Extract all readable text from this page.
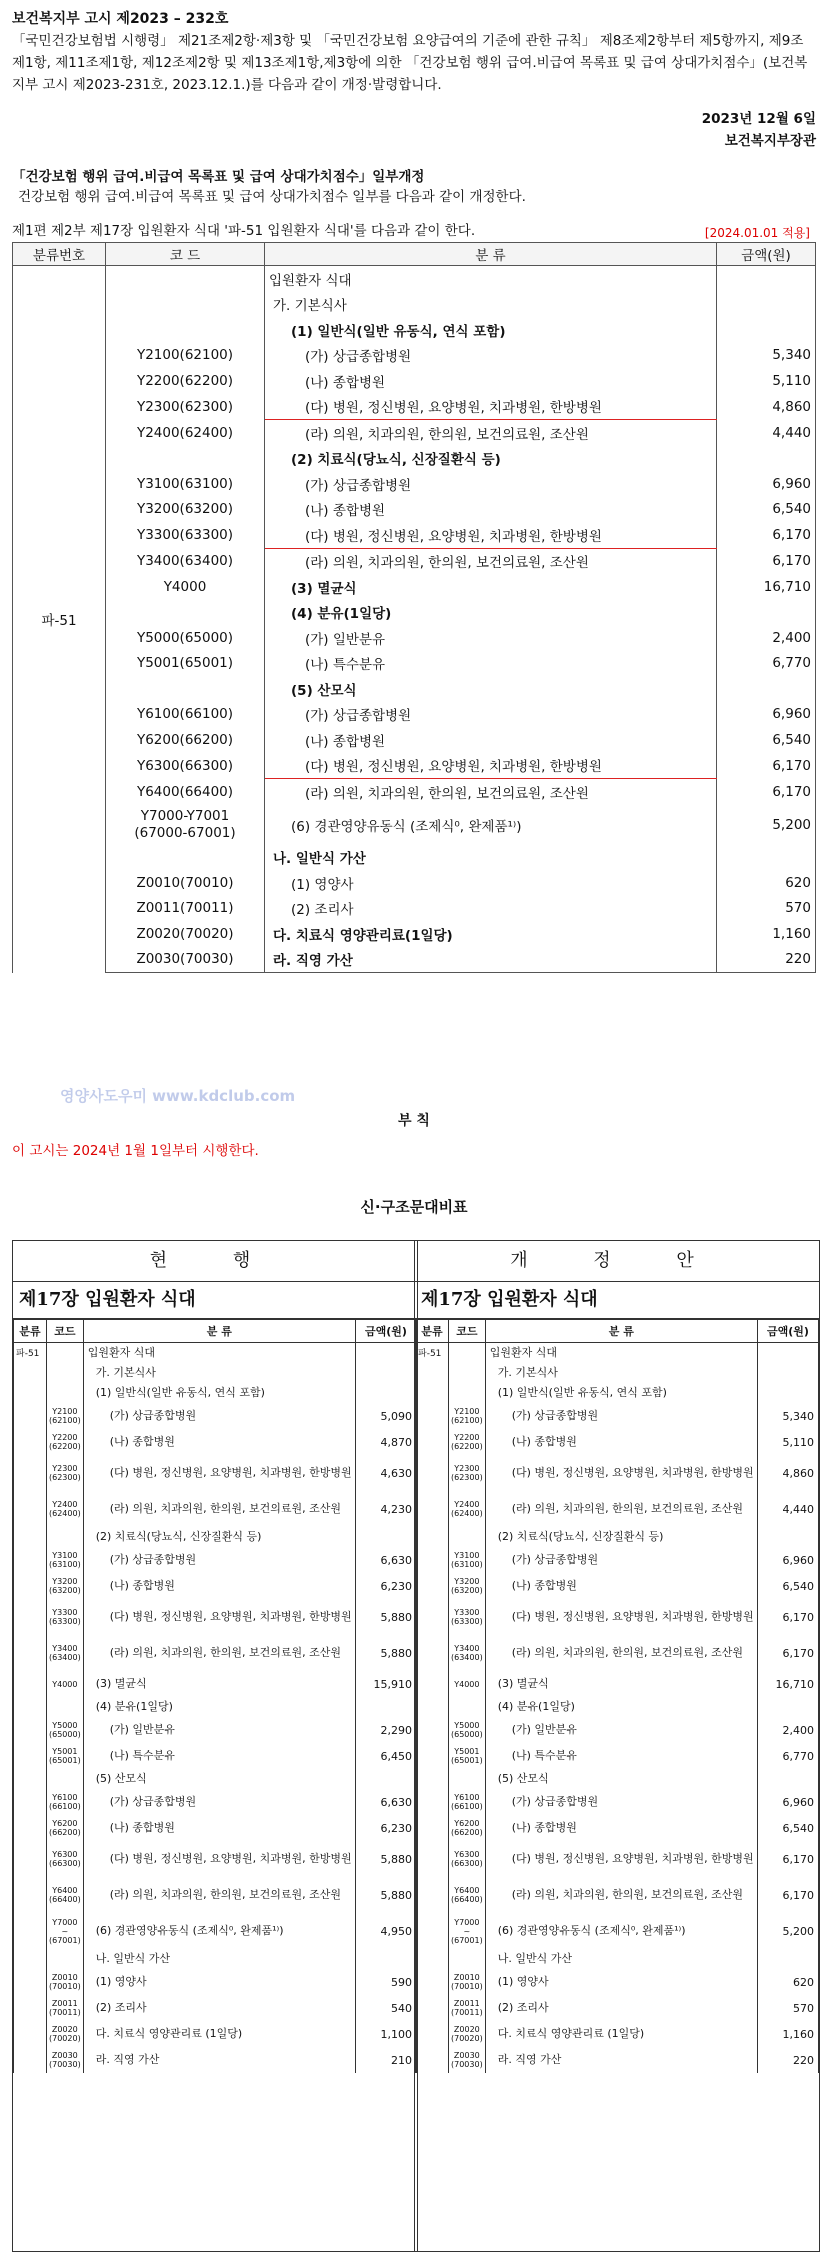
보건복지부 고시 제2023 – 232호
「국민건강보험법 시행령」 제21조제2항·제3항 및 「국민건강보험 요양급여의 기준에 관한 규칙」 제8조제2항부터 제5항까지, 제9조제1항, 제11조제1항, 제12조제2항 및 제13조제1항,제3항에 의한 「건강보험 행위 급여.비급여 목록표 및 급여 상대가치점수」(보건복지부 고시 제2023-231호, 2023.12.1.)를 다음과 같이 개정·발령합니다.
2023년 12월 6일
보건복지부장관
「건강보험 행위 급여.비급여 목록표 및 급여 상대가치점수」일부개정
건강보험 행위 급여.비급여 목록표 및 급여 상대가치점수 일부를 다음과 같이 개정한다.
제1편 제2부 제17장 입원환자 식대 '파-51 입원환자 식대'를 다음과 같이 한다.	[2024.01.01 적용]
분류번호	코 드	분 류	금액(원)
파-51		입원환자 식대	
		가. 기본식사	
		(1) 일반식(일반 유동식, 연식 포함)	
	Y2100(62100)	(가) 상급종합병원	5,340
	Y2200(62200)	(나) 종합병원	5,110
	Y2300(62300)	(다) 병원, 정신병원, 요양병원, 치과병원, 한방병원	4,860
	Y2400(62400)	(라) 의원, 치과의원, 한의원, 보건의료원, 조산원	4,440
		(2) 치료식(당뇨식, 신장질환식 등)	
	Y3100(63100)	(가) 상급종합병원	6,960
	Y3200(63200)	(나) 종합병원	6,540
	Y3300(63300)	(다) 병원, 정신병원, 요양병원, 치과병원, 한방병원	6,170
	Y3400(63400)	(라) 의원, 치과의원, 한의원, 보건의료원, 조산원	6,170
	Y4000	(3) 멸균식	16,710
		(4) 분유(1일당)	
	Y5000(65000)	(가) 일반분유	2,400
	Y5001(65001)	(나) 특수분유	6,770
		(5) 산모식	
	Y6100(66100)	(가) 상급종합병원	6,960
	Y6200(66200)	(나) 종합병원	6,540
	Y6300(66300)	(다) 병원, 정신병원, 요양병원, 치과병원, 한방병원	6,170
	Y6400(66400)	(라) 의원, 치과의원, 한의원, 보건의료원, 조산원	6,170
	Y7000-Y7001
(67000-67001)	(6) 경관영양유동식 (조제식⁰, 완제품¹⁾)	5,200
		나. 일반식 가산	
	Z0010(70010)	(1) 영양사	620
	Z0011(70011)	(2) 조리사	570
	Z0020(70020)	다. 치료식 영양관리료(1일당)	1,160
	Z0030(70030)	라. 직영 가산	220
영양사도우미 www.kdclub.com
부 칙
이 고시는 2024년 1월 1일부터 시행한다.
신·구조문대비표
현 행
제17장 입원환자 식대
분류	코드	분 류	금액(원)
파-51		입원환자 식대	
		가. 기본식사	
		(1) 일반식(일반 유동식, 연식 포함)	
	Y2100
(62100)	(가) 상급종합병원	5,090
	Y2200
(62200)	(나) 종합병원	4,870
	Y2300
(62300)	(다) 병원, 정신병원, 요양병원, 치과병원, 한방병원	4,630
	Y2400
(62400)	(라) 의원, 치과의원, 한의원, 보건의료원, 조산원	4,230
		(2) 치료식(당뇨식, 신장질환식 등)	
	Y3100
(63100)	(가) 상급종합병원	6,630
	Y3200
(63200)	(나) 종합병원	6,230
	Y3300
(63300)	(다) 병원, 정신병원, 요양병원, 치과병원, 한방병원	5,880
	Y3400
(63400)	(라) 의원, 치과의원, 한의원, 보건의료원, 조산원	5,880
	Y4000	(3) 멸균식	15,910
		(4) 분유(1일당)	
	Y5000
(65000)	(가) 일반분유	2,290
	Y5001
(65001)	(나) 특수분유	6,450
		(5) 산모식	
	Y6100
(66100)	(가) 상급종합병원	6,630
	Y6200
(66200)	(나) 종합병원	6,230
	Y6300
(66300)	(다) 병원, 정신병원, 요양병원, 치과병원, 한방병원	5,880
	Y6400
(66400)	(라) 의원, 치과의원, 한의원, 보건의료원, 조산원	5,880
	Y7000
~
(67001)	(6) 경관영양유동식 (조제식⁰, 완제품¹⁾)	4,950
		나. 일반식 가산	
	Z0010
(70010)	(1) 영양사	590
	Z0011
(70011)	(2) 조리사	540
	Z0020
(70020)	다. 치료식 영양관리료 (1일당)	1,100
	Z0030
(70030)	라. 직영 가산	210
개 정 안
제17장 입원환자 식대
분류	코드	분 류	금액(원)
파-51		입원환자 식대	
		가. 기본식사	
		(1) 일반식(일반 유동식, 연식 포함)	
	Y2100
(62100)	(가) 상급종합병원	5,340
	Y2200
(62200)	(나) 종합병원	5,110
	Y2300
(62300)	(다) 병원, 정신병원, 요양병원, 치과병원, 한방병원	4,860
	Y2400
(62400)	(라) 의원, 치과의원, 한의원, 보건의료원, 조산원	4,440
		(2) 치료식(당뇨식, 신장질환식 등)	
	Y3100
(63100)	(가) 상급종합병원	6,960
	Y3200
(63200)	(나) 종합병원	6,540
	Y3300
(63300)	(다) 병원, 정신병원, 요양병원, 치과병원, 한방병원	6,170
	Y3400
(63400)	(라) 의원, 치과의원, 한의원, 보건의료원, 조산원	6,170
	Y4000	(3) 멸균식	16,710
		(4) 분유(1일당)	
	Y5000
(65000)	(가) 일반분유	2,400
	Y5001
(65001)	(나) 특수분유	6,770
		(5) 산모식	
	Y6100
(66100)	(가) 상급종합병원	6,960
	Y6200
(66200)	(나) 종합병원	6,540
	Y6300
(66300)	(다) 병원, 정신병원, 요양병원, 치과병원, 한방병원	6,170
	Y6400
(66400)	(라) 의원, 치과의원, 한의원, 보건의료원, 조산원	6,170
	Y7000
~
(67001)	(6) 경관영양유동식 (조제식⁰, 완제품¹⁾)	5,200
		나. 일반식 가산	
	Z0010
(70010)	(1) 영양사	620
	Z0011
(70011)	(2) 조리사	570
	Z0020
(70020)	다. 치료식 영양관리료 (1일당)	1,160
	Z0030
(70030)	라. 직영 가산	220
